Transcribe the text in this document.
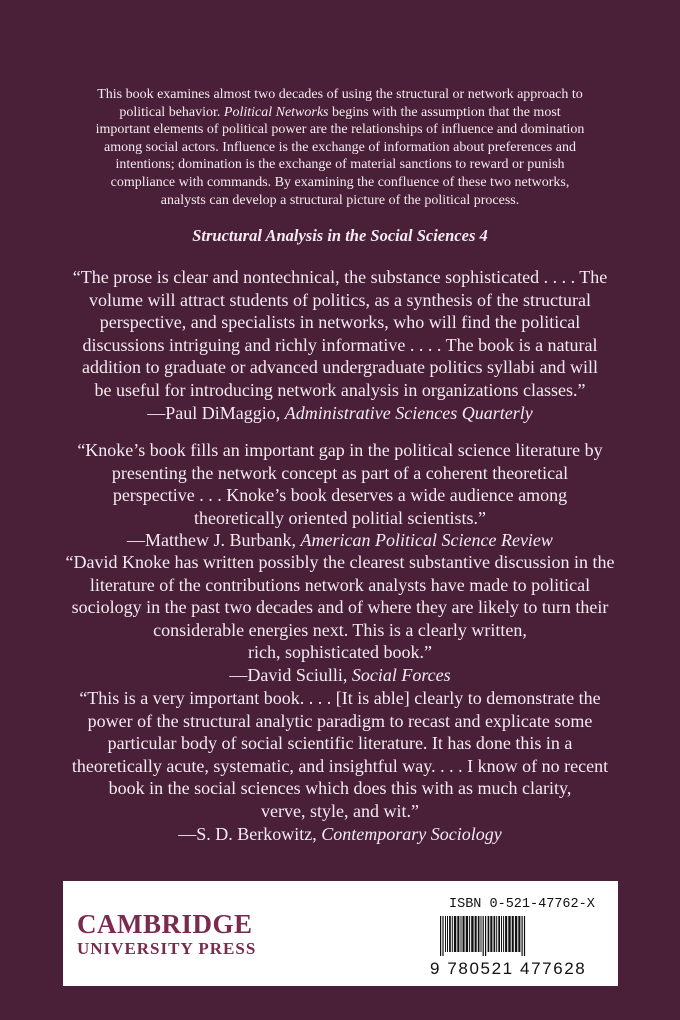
This book examines almost two decades of using the structural or network approach to

political behavior. Political Networks begins with the assumption that the most

important elements of political power are the relationships of influence and domination

among social actors. Influence is the exchange of information about preferences and

intentions; domination is the exchange of material sanctions to reward or punish

compliance with commands. By examining the confluence of these two networks,

analysts can develop a structural picture of the political process.

Structural Analysis in the Social Sciences 4

“The prose is clear and nontechnical, the substance sophisticated . . . . The

volume will attract students of politics, as a synthesis of the structural

perspective, and specialists in networks, who will find the political

discussions intriguing and richly informative . . . . The book is a natural

addition to graduate or advanced undergraduate politics syllabi and will

be useful for introducing network analysis in organizations classes.”

—Paul DiMaggio, Administrative Sciences Quarterly

“Knoke’s book fills an important gap in the political science literature by

presenting the network concept as part of a coherent theoretical

perspective . . . Knoke’s book deserves a wide audience among

theoretically oriented politial scientists.”

—Matthew J. Burbank, American Political Science Review

“David Knoke has written possibly the clearest substantive discussion in the

literature of the contributions network analysts have made to political

sociology in the past two decades and of where they are likely to turn their

considerable energies next. This is a clearly written,

rich, sophisticated book.”

—David Sciulli, Social Forces

“This is a very important book. . . . [It is able] clearly to demonstrate the

power of the structural analytic paradigm to recast and explicate some

particular body of social scientific literature. It has done this in a

theoretically acute, systematic, and insightful way. . . . I know of no recent

book in the social sciences which does this with as much clarity,

verve, style, and wit.”

—S. D. Berkowitz, Contemporary Sociology

CAMBRIDGE
UNIVERSITY PRESS
ISBN 0-521-47762-X
9 780521 477628
